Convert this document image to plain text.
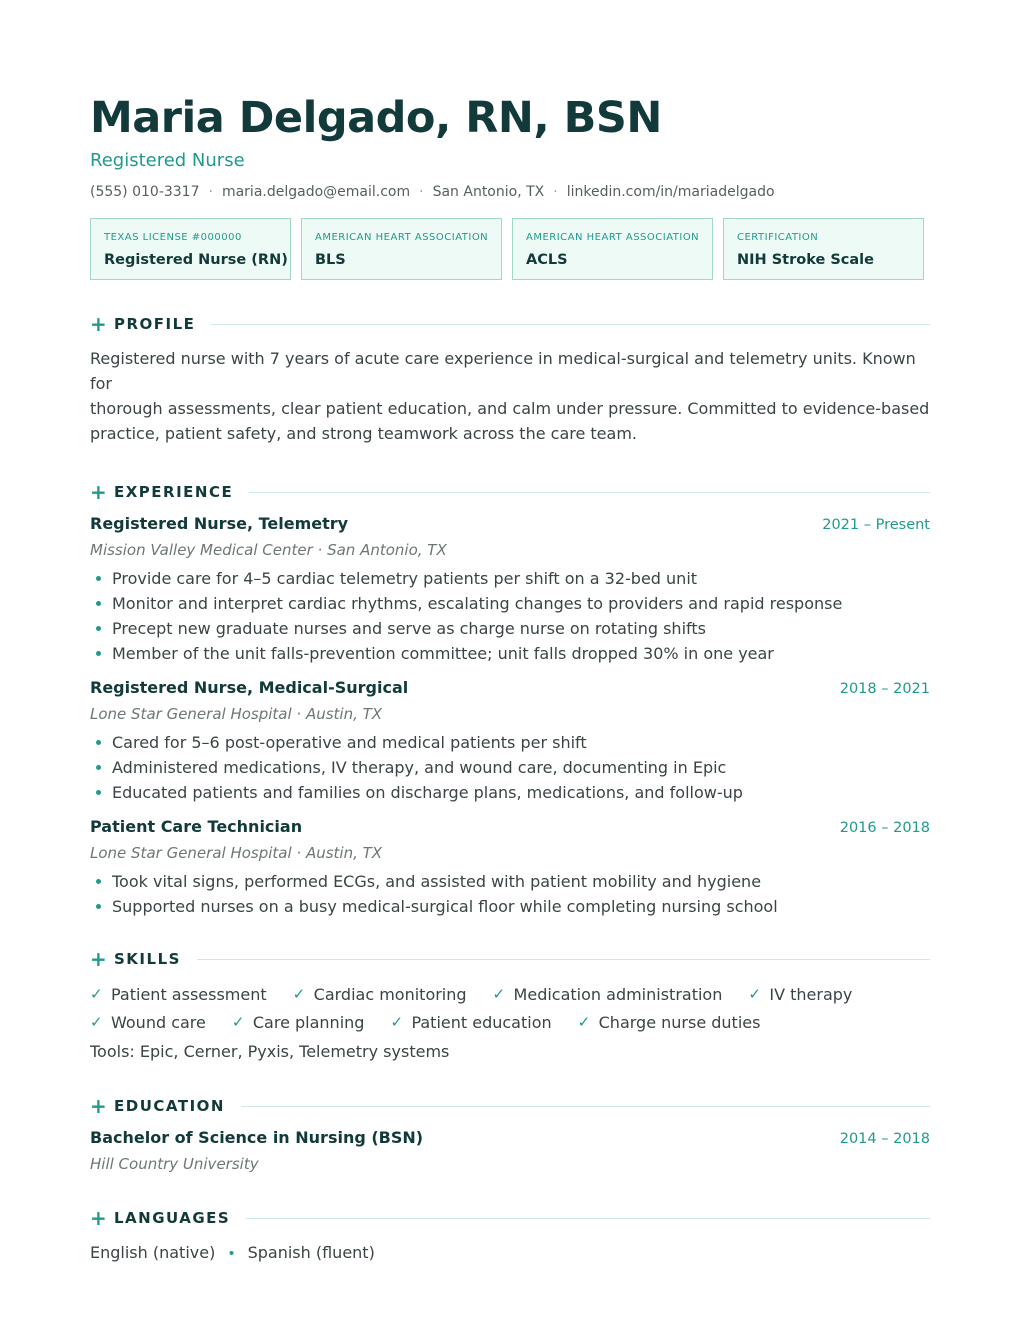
Maria Delgado, RN, BSN
Registered Nurse
(555) 010-3317 · maria.delgado@email.com · San Antonio, TX · linkedin.com/in/mariadelgado
TEXAS LICENSE #000000
Registered Nurse (RN)
AMERICAN HEART ASSOCIATION
BLS
AMERICAN HEART ASSOCIATION
ACLS
CERTIFICATION
NIH Stroke Scale
+ PROFILE
Registered nurse with 7 years of acute care experience in medical-surgical and telemetry units. Known for
thorough assessments, clear patient education, and calm under pressure. Committed to evidence-based
practice, patient safety, and strong teamwork across the care team.
+ EXPERIENCE
Registered Nurse, Telemetry	2021 – Present
Mission Valley Medical Center · San Antonio, TX
Provide care for 4–5 cardiac telemetry patients per shift on a 32-bed unit
Monitor and interpret cardiac rhythms, escalating changes to providers and rapid response
Precept new graduate nurses and serve as charge nurse on rotating shifts
Member of the unit falls-prevention committee; unit falls dropped 30% in one year
Registered Nurse, Medical-Surgical	2018 – 2021
Lone Star General Hospital · Austin, TX
Cared for 5–6 post-operative and medical patients per shift
Administered medications, IV therapy, and wound care, documenting in Epic
Educated patients and families on discharge plans, medications, and follow-up
Patient Care Technician	2016 – 2018
Lone Star General Hospital · Austin, TX
Took vital signs, performed ECGs, and assisted with patient mobility and hygiene
Supported nurses on a busy medical-surgical floor while completing nursing school
+ SKILLS
✓ Patient assessment ✓ Cardiac monitoring ✓ Medication administration ✓ IV therapy
✓ Wound care ✓ Care planning ✓ Patient education ✓ Charge nurse duties
Tools: Epic, Cerner, Pyxis, Telemetry systems
+ EDUCATION
Bachelor of Science in Nursing (BSN)	2014 – 2018
Hill Country University
+ LANGUAGES
English (native) • Spanish (fluent)
